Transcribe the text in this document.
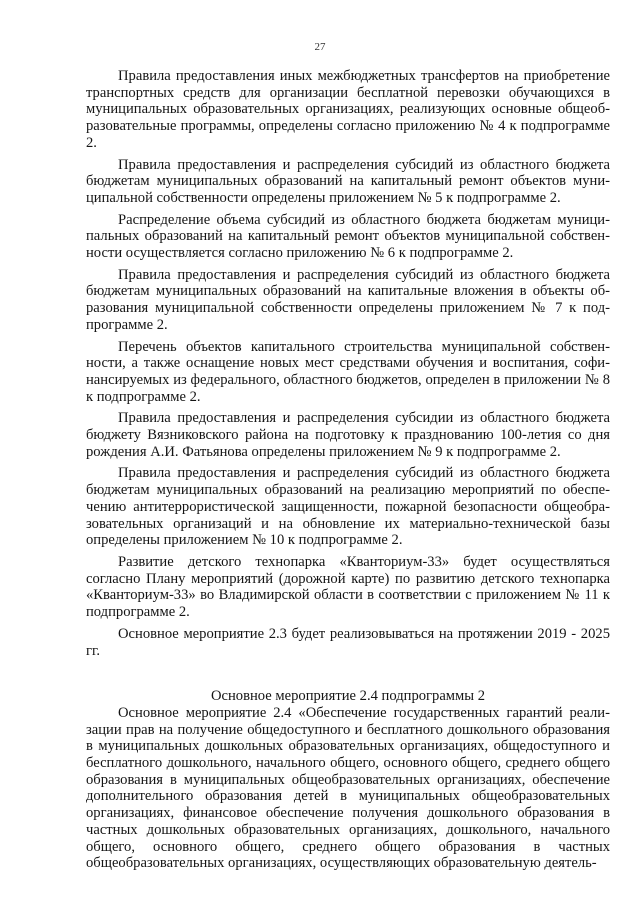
27

Правила предоставления иных межбюджетных трансфертов на приобретение транспортных средств для организации бесплатной перевозки обучающихся в муниципальных образовательных организациях, реализующих основные общеобразовательные программы, определены согласно приложению № 4 к подпрограмме 2.

Правила предоставления и распределения субсидий из областного бюджета бюджетам муниципальных образований на капитальный ремонт объектов муниципальной собственности определены приложением № 5 к подпрограмме 2.

Распределение объема субсидий из областного бюджета бюджетам муниципальных образований на капитальный ремонт объектов муниципальной собственности осуществляется согласно приложению № 6 к подпрограмме 2.

Правила предоставления и распределения субсидий из областного бюджета бюджетам муниципальных образований на капитальные вложения в объекты образования муниципальной собственности определены приложением № 7 к подпрограмме 2.

Перечень объектов капитального строительства муниципальной собственности, а также оснащение новых мест средствами обучения и воспитания, софинансируемых из федерального, областного бюджетов, определен в приложении № 8 к подпрограмме 2.

Правила предоставления и распределения субсидии из областного бюджета бюджету Вязниковского района на подготовку к празднованию 100-летия со дня рождения А.И. Фатьянова определены приложением № 9 к подпрограмме 2.

Правила предоставления и распределения субсидий из областного бюджета бюджетам муниципальных образований на реализацию мероприятий по обеспечению антитеррористической защищенности, пожарной безопасности общеобразовательных организаций и на обновление их материально-технической базы определены приложением № 10 к подпрограмме 2.

Развитие детского технопарка «Кванториум-33» будет осуществляться согласно Плану мероприятий (дорожной карте) по развитию детского технопарка «Кванториум-33» во Владимирской области в соответствии с приложением № 11 к подпрограмме 2.

Основное мероприятие 2.3 будет реализовываться на протяжении 2019 - 2025 гг.

Основное мероприятие 2.4 подпрограммы 2

Основное мероприятие 2.4 «Обеспечение государственных гарантий реализации прав на получение общедоступного и бесплатного дошкольного образования в муниципальных дошкольных образовательных организациях, общедоступного и бесплатного дошкольного, начального общего, основного общего, среднего общего образования в муниципальных общеобразовательных организациях, обеспечение дополнительного образования детей в муниципальных общеобразовательных организациях, финансовое обеспечение получения дошкольного образования в частных дошкольных образовательных организациях, дошкольного, начального общего, основного общего, среднего общего образования в частных общеобразовательных организациях, осуществляющих образовательную деятель-
